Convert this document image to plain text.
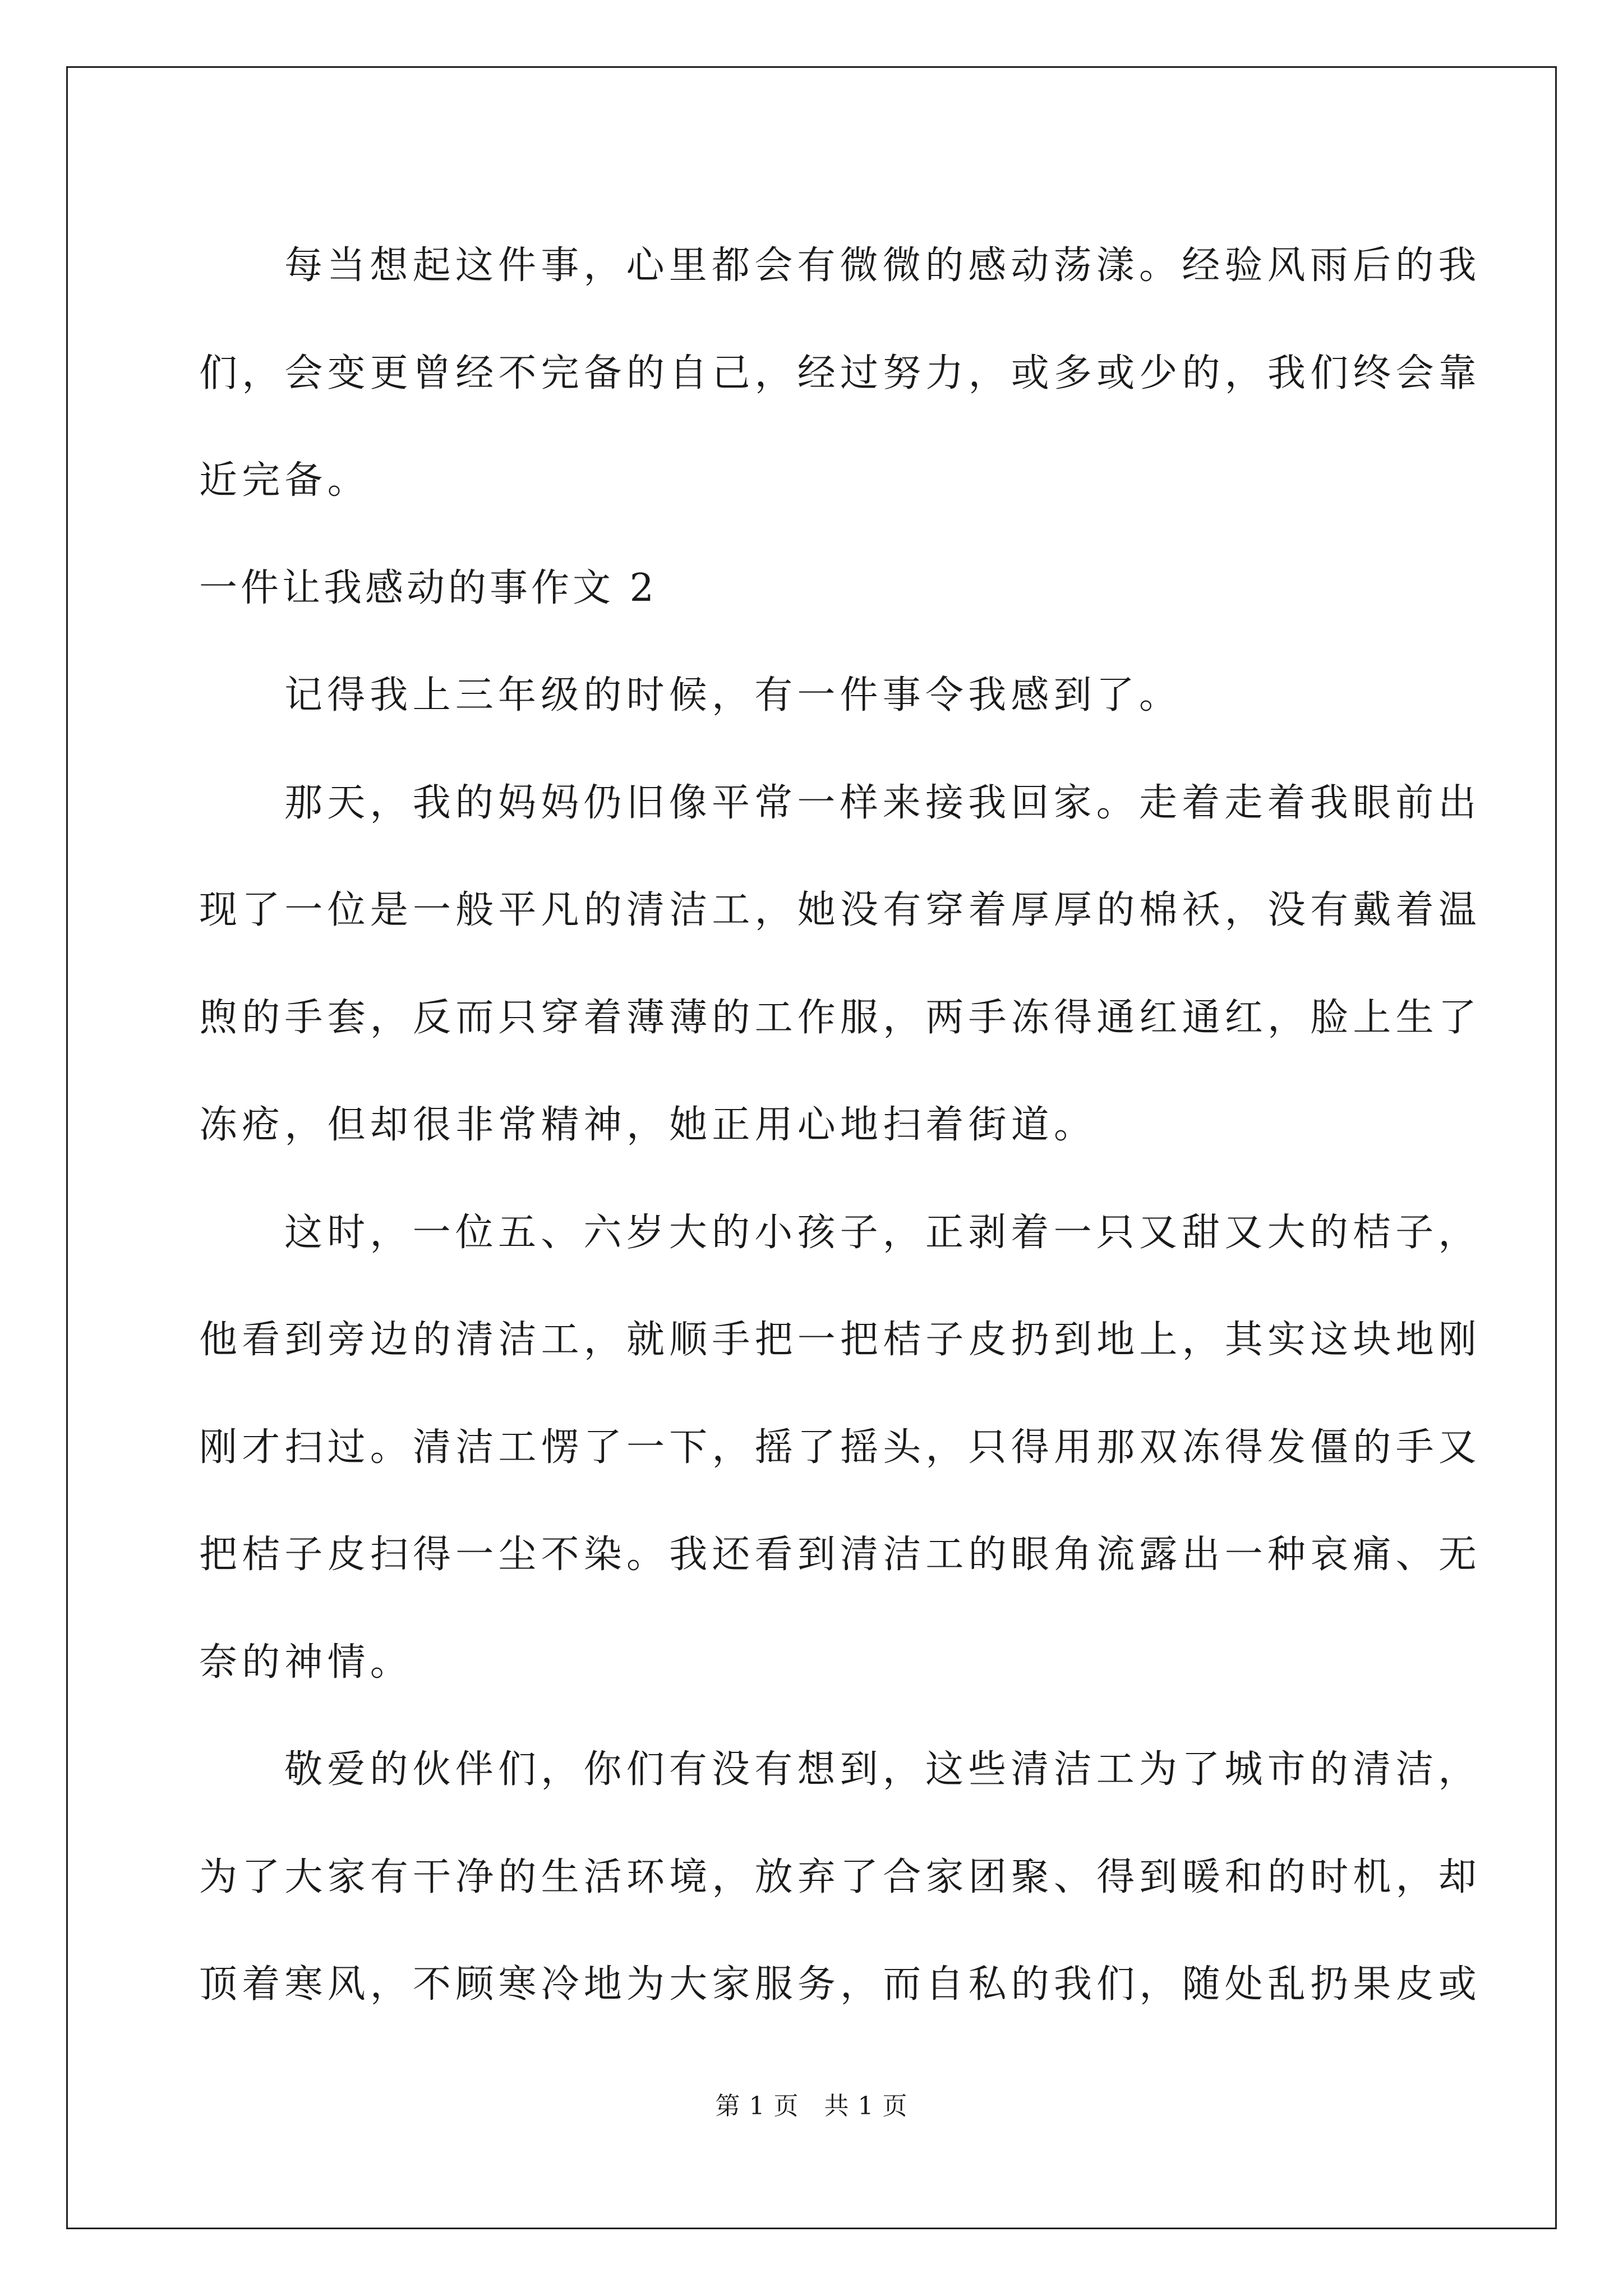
每当想起这件事，心里都会有微微的感动荡漾。经验风雨后的我
们，会变更曾经不完备的自己，经过努力，或多或少的，我们终会靠
近完备。
一件让我感动的事作文 2
记得我上三年级的时候，有一件事令我感到了。
那天，我的妈妈仍旧像平常一样来接我回家。走着走着我眼前出
现了一位是一般平凡的清洁工，她没有穿着厚厚的棉袄，没有戴着温
煦的手套，反而只穿着薄薄的工作服，两手冻得通红通红，脸上生了
冻疮，但却很非常精神，她正用心地扫着街道。
这时，一位五、六岁大的小孩子，正剥着一只又甜又大的桔子，
他看到旁边的清洁工，就顺手把一把桔子皮扔到地上，其实这块地刚
刚才扫过。清洁工愣了一下，摇了摇头，只得用那双冻得发僵的手又
把桔子皮扫得一尘不染。我还看到清洁工的眼角流露出一种哀痛、无
奈的神情。
敬爱的伙伴们，你们有没有想到，这些清洁工为了城市的清洁，
为了大家有干净的生活环境，放弃了合家团聚、得到暖和的时机，却
顶着寒风，不顾寒冷地为大家服务，而自私的我们，随处乱扔果皮或
第 1 页　共 1 页
